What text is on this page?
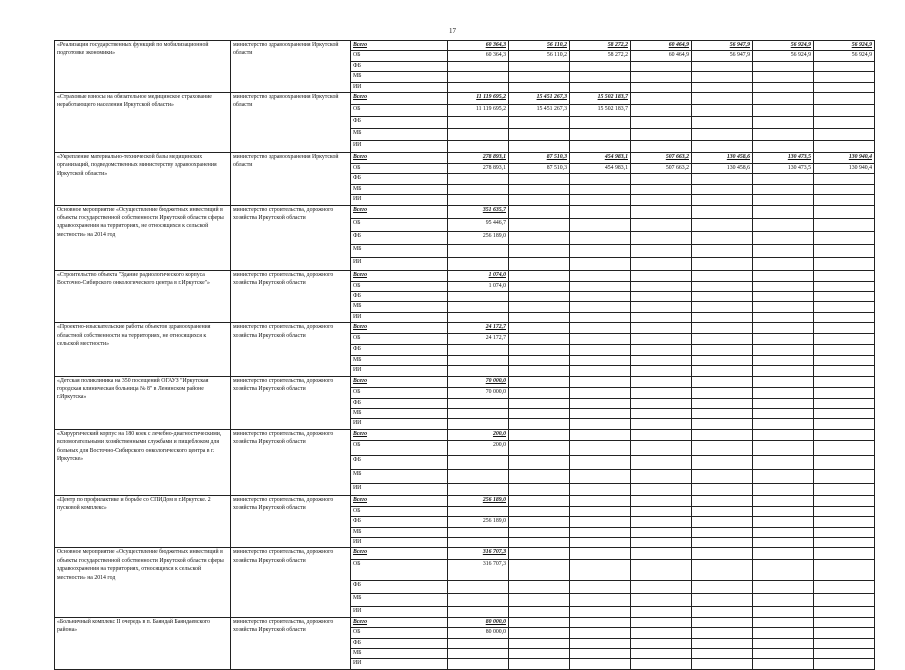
17
«Реализация государственных функций по мобилизационной подготовке экономики»	министерство здравоохранения Иркутской области	Всего	60 364,3	56 110,2	58 272,2	60 464,9	56 947,9	56 924,9	56 924,9
		ОБ	60 364,3	56 110,2	58 272,2	60 464,9	56 947,9	56 924,9	56 924,9
		ФБ							
		МБ							
		ИИ							
«Страховые взносы на обязательное медицинское страхование неработающего населения Иркутской области»	министерство здравоохранения Иркутской области	Всего	11 119 695,2	15 451 267,3	15 502 183,7				
		ОБ	11 119 695,2	15 451 267,3	15 502 183,7				
		ФБ							
		МБ							
		ИИ							
«Укрепление материально-технической базы медицинских организаций, подведомственных министерству здравоохранения Иркутской области»	министерство здравоохранения Иркутской области	Всего	278 893,1	87 510,3	454 983,1	507 663,2	130 458,6	130 473,5	130 940,4
		ОБ	278 893,1	87 510,3	454 983,1	507 663,2	130 458,6	130 473,5	130 940,4
		ФБ							
		МБ							
		ИИ							
Основное мероприятие «Осуществление бюджетных инвестиций в объекты государственной собственности Иркутской области сферы здравоохранения на территориях, не относящихся к сельской местности» на 2014 год	министерство строительства, дорожного хозяйства Иркутской области	Всего	351 635,7						
		ОБ	95 446,7						
		ФБ	256 189,0						
		МБ							
		ИИ							
«Строительство объекта "Здание радиологического корпуса Восточно-Сибирского онкологического центра в г.Иркутске"»	министерство строительства, дорожного хозяйства Иркутской области	Всего	1 074,0						
		ОБ	1 074,0						
		ФБ							
		МБ							
		ИИ							
«Проектно-изыскательские работы объектов здравоохранения областной собственности на территориях, не относящихся к сельской местности»	министерство строительства, дорожного хозяйства Иркутской области	Всего	24 172,7						
		ОБ	24 172,7						
		ФБ							
		МБ							
		ИИ							
«Детская поликлиника на 350 посещений ОГАУЗ "Иркутская городская клиническая больница № 8" в Ленинском районе г.Иркутска»	министерство строительства, дорожного хозяйства Иркутской области	Всего	70 000,0						
		ОБ	70 000,0						
		ФБ							
		МБ							
		ИИ							
«Хирургический корпус на 180 коек с лечебно-диагностическими, вспомогательными хозяйственными службами и пищеблоком для больных для Восточно-Сибирского онкологического центра в г. Иркутске»	министерство строительства, дорожного хозяйства Иркутской области	Всего	200,0						
		ОБ	200,0						
		ФБ							
		МБ							
		ИИ							
«Центр по профилактике и борьбе со СПИДом в г.Иркутске. 2 пусковой комплекс»	министерство строительства, дорожного хозяйства Иркутской области	Всего	256 189,0						
		ОБ							
		ФБ	256 189,0						
		МБ							
		ИИ							
Основное мероприятие «Осуществление бюджетных инвестиций в объекты государственной собственности Иркутской области сферы здравоохранения на территориях, относящихся к сельской местности» на 2014 год	министерство строительства, дорожного хозяйства Иркутской области	Всего	316 707,3						
		ОБ	316 707,3						
		ФБ							
		МБ							
		ИИ							
«Больничный комплекс II очередь в п. Баяндай Баяндаевского района»	министерство строительства, дорожного хозяйства Иркутской области	Всего	80 000,0						
		ОБ	80 000,0						
		ФБ							
		МБ							
		ИИ							
